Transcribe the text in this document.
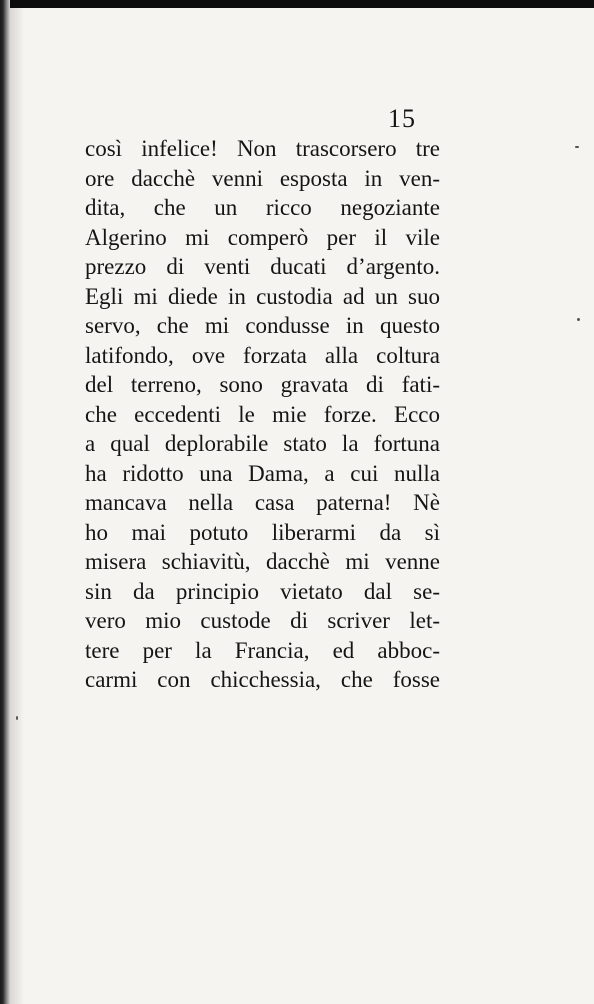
15
così infelice! Non trascorsero tre
ore dacchè venni esposta in ven-
dita, che un ricco negoziante
Algerino mi comperò per il vile
prezzo di venti ducati d’argento.
Egli mi diede in custodia ad un suo
servo, che mi condusse in questo
latifondo, ove forzata alla coltura
del terreno, sono gravata di fati-
che eccedenti le mie forze. Ecco
a qual deplorabile stato la fortuna
ha ridotto una Dama, a cui nulla
mancava nella casa paterna! Nè
ho mai potuto liberarmi da sì
misera schiavitù, dacchè mi venne
sin da principio vietato dal se-
vero mio custode di scriver let-
tere per la Francia, ed abboc-
carmi con chicchessia, che fosse
